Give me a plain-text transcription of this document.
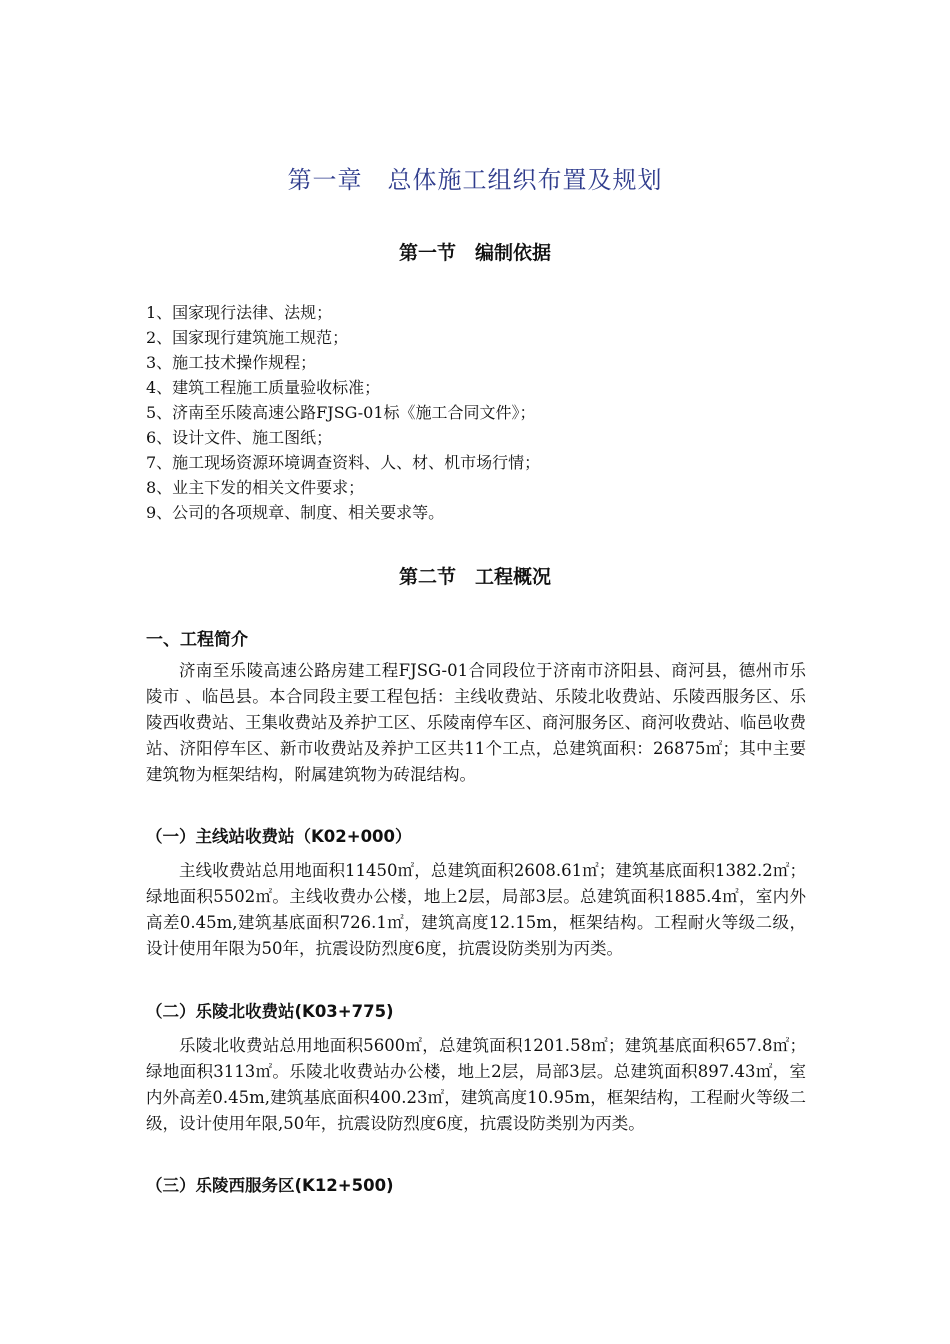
第一章　总体施工组织布置及规划
第一节　编制依据
1、国家现行法律、法规；
2、国家现行建筑施工规范；
3、施工技术操作规程；
4、建筑工程施工质量验收标准；
5、济南至乐陵高速公路FJSG-01标《施工合同文件》；
6、设计文件、施工图纸；
7、施工现场资源环境调查资料、人、材、机市场行情；
8、业主下发的相关文件要求；
9、公司的各项规章、制度、相关要求等。
第二节　工程概况
一、工程简介

济南至乐陵高速公路房建工程FJSG-01合同段位于济南市济阳县、商河县，德州市乐陵市 、临邑县。本合同段主要工程包括：主线收费站、乐陵北收费站、乐陵西服务区、乐陵西收费站、王集收费站及养护工区、乐陵南停车区、商河服务区、商河收费站、临邑收费站、济阳停车区、新市收费站及养护工区共11个工点，总建筑面积：26875㎡；其中主要建筑物为框架结构，附属建筑物为砖混结构。

（一）主线站收费站（K02+000）

主线收费站总用地面积11450㎡，总建筑面积2608.61㎡；建筑基底面积1382.2㎡；绿地面积5502㎡。主线收费办公楼，地上2层，局部3层。总建筑面积1885.4㎡，室内外高差0.45m,建筑基底面积726.1㎡，建筑高度12.15m，框架结构。工程耐火等级二级，设计使用年限为50年，抗震设防烈度6度，抗震设防类别为丙类。

（二）乐陵北收费站(K03+775)

乐陵北收费站总用地面积5600㎡，总建筑面积1201.58㎡；建筑基底面积657.8㎡；绿地面积3113㎡。乐陵北收费站办公楼，地上2层，局部3层。总建筑面积897.43㎡，室内外高差0.45m,建筑基底面积400.23㎡，建筑高度10.95m，框架结构，工程耐火等级二级，设计使用年限,50年，抗震设防烈度6度，抗震设防类别为丙类。

（三）乐陵西服务区(K12+500)
